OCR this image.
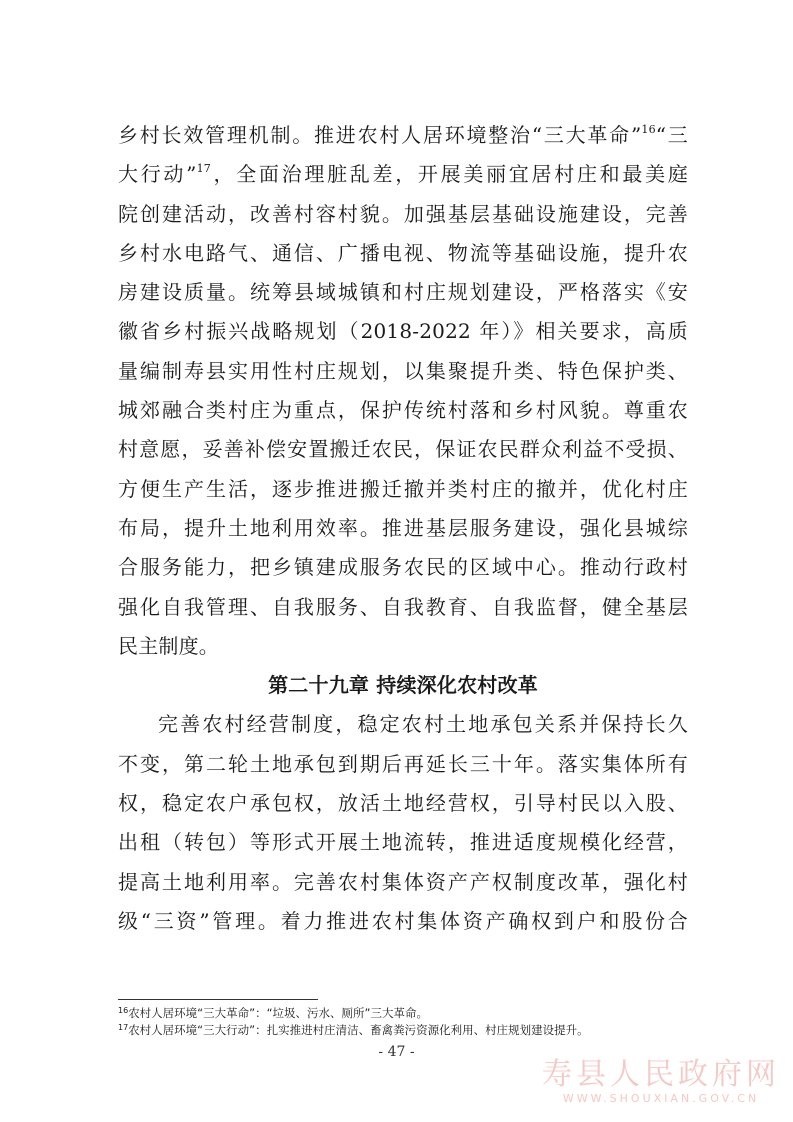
乡村长效管理机制。推进农村人居环境整治“三大革命”$^{16}$“三
大行动”$^{17}$，全面治理脏乱差，开展美丽宜居村庄和最美庭
院创建活动，改善村容村貌。加强基层基础设施建设，完善
乡村水电路气、通信、广播电视、物流等基础设施，提升农
房建设质量。统筹县域城镇和村庄规划建设，严格落实《安
徽省乡村振兴战略规划（2018-2022 年）》相关要求，高质
量编制寿县实用性村庄规划，以集聚提升类、特色保护类、
城郊融合类村庄为重点，保护传统村落和乡村风貌。尊重农
村意愿，妥善补偿安置搬迁农民，保证农民群众利益不受损、
方便生产生活，逐步推进搬迁撤并类村庄的撤并，优化村庄
布局，提升土地利用效率。推进基层服务建设，强化县城综
合服务能力，把乡镇建成服务农民的区域中心。推动行政村
强化自我管理、自我服务、自我教育、自我监督，健全基层
民主制度。
第二十九章 持续深化农村改革
完善农村经营制度，稳定农村土地承包关系并保持长久
不变，第二轮土地承包到期后再延长三十年。落实集体所有
权，稳定农户承包权，放活土地经营权，引导村民以入股、
出租（转包）等形式开展土地流转，推进适度规模化经营，
提高土地利用率。完善农村集体资产产权制度改革，强化村
级“三资”管理。着力推进农村集体资产确权到户和股份合
$^{16}$农村人居环境“三大革命”：“垃圾、污水、厕所”三大革命。
$^{17}$农村人居环境“三大行动”：扎实推进村庄清洁、畜禽粪污资源化利用、村庄规划建设提升。
- 47 -
寿县人民政府网
WWW.SHOUXIAN.GOV.CN
